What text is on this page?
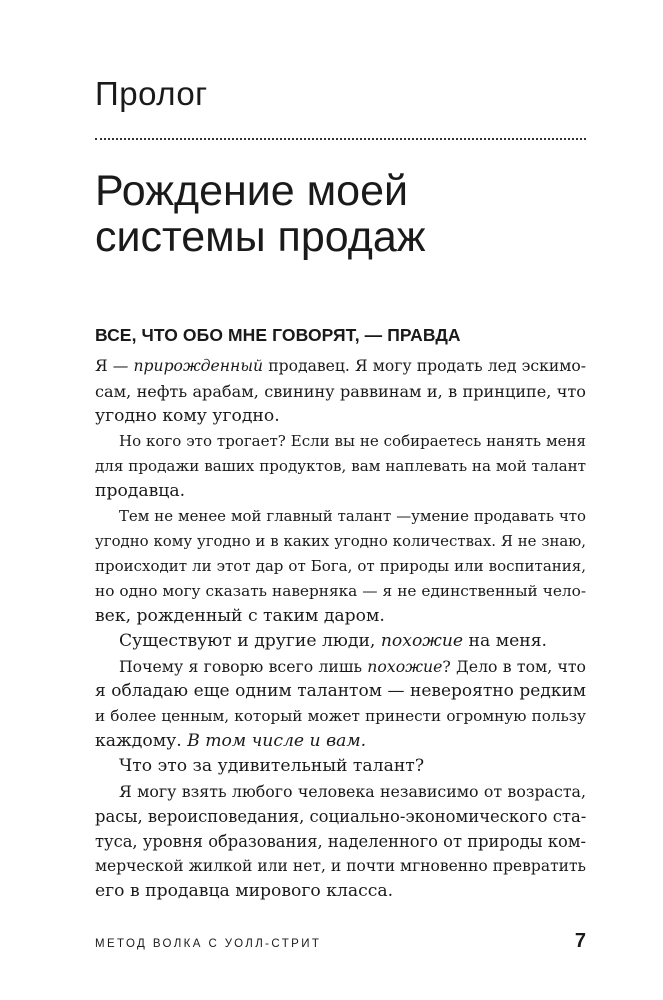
Пролог
Рождение моей
системы продаж
ВСЕ, ЧТО ОБО МНЕ ГОВОРЯТ, — ПРАВДА
Я — прирожденный продавец. Я могу продать лед эскимо-
сам, нефть арабам, свинину раввинам и, в принципе, что
угодно кому угодно.
Но кого это трогает? Если вы не собираетесь нанять меня
для продажи ваших продуктов, вам наплевать на мой талант
продавца.
Тем не менее мой главный талант —умение продавать что
угодно кому угодно и в каких угодно количествах. Я не знаю,
происходит ли этот дар от Бога, от природы или воспитания,
но одно могу сказать наверняка — я не единственный чело-
век, рожденный с таким даром.
Существуют и другие люди, похожие на меня.
Почему я говорю всего лишь похожие? Дело в том, что
я обладаю еще одним талантом — невероятно редким
и более ценным, который может принести огромную пользу
каждому. В том числе и вам.
Что это за удивительный талант?
Я могу взять любого человека независимо от возраста,
расы, вероисповедания, социально-экономического ста-
туса, уровня образования, наделенного от природы ком-
мерческой жилкой или нет, и почти мгновенно превратить
его в продавца мирового класса.

МЕТОД ВОЛКА С УОЛЛ-СТРИТ	7
